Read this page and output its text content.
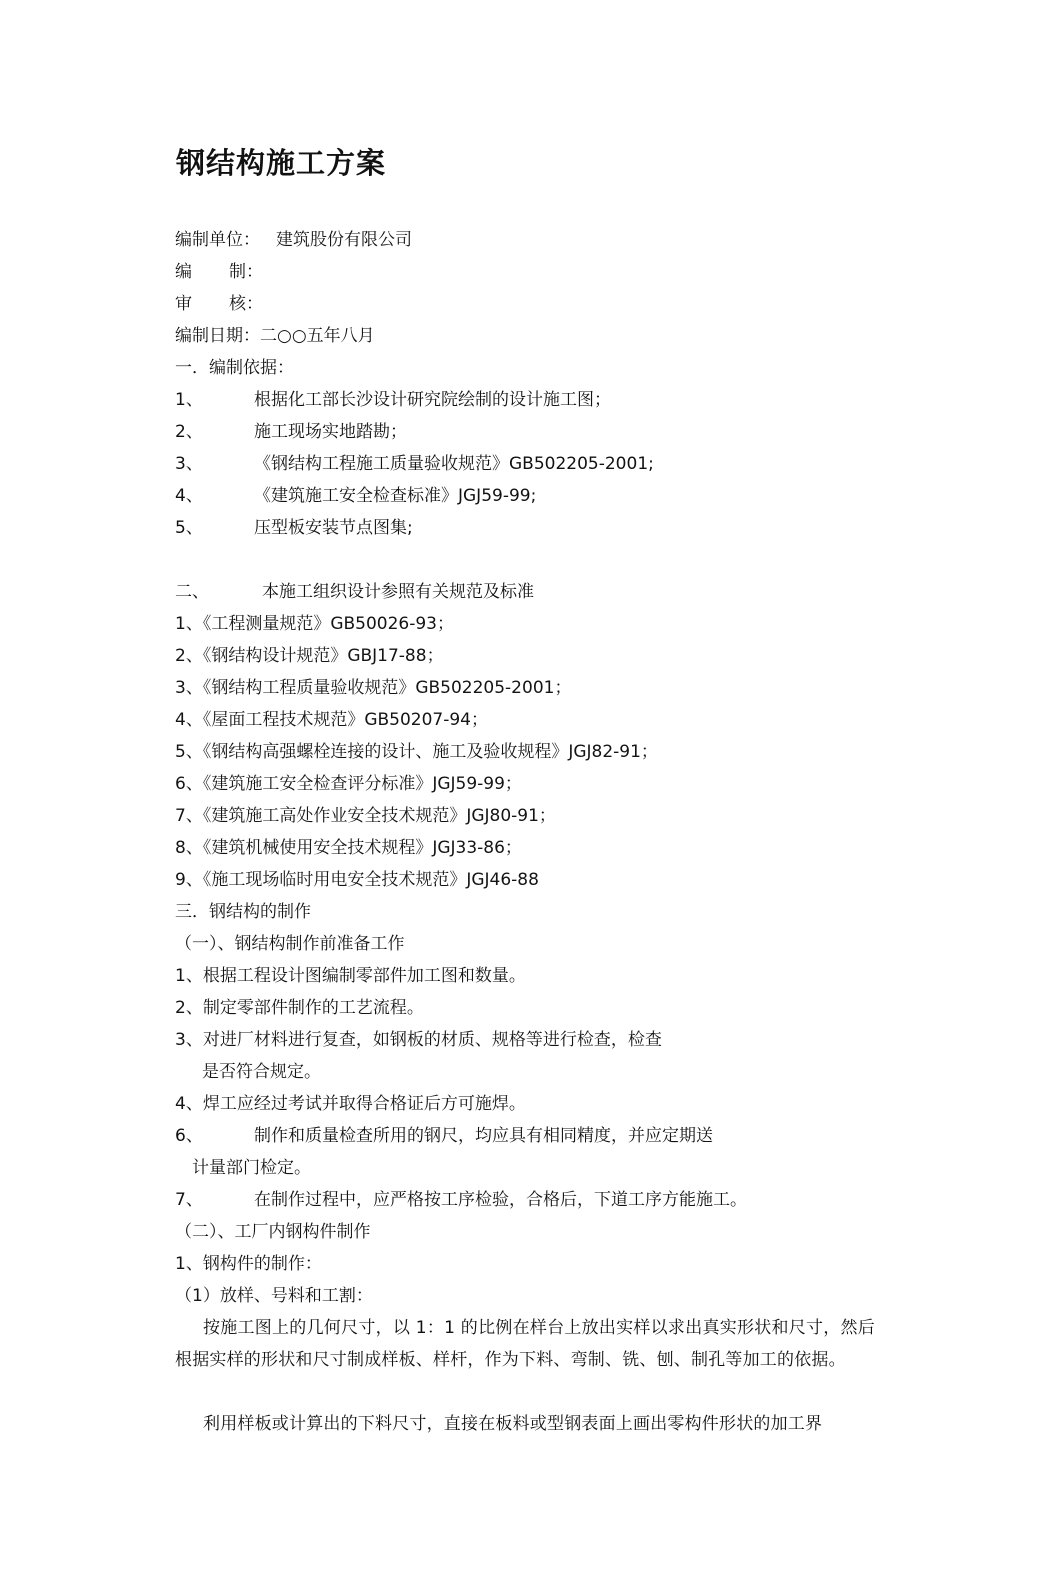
钢结构施工方案
编制单位： 建筑股份有限公司
编 制：
审 核：
编制日期：二○○五年八月
一．编制依据：
1、	根据化工部长沙设计研究院绘制的设计施工图；
2、	施工现场实地踏勘；
3、	《钢结构工程施工质量验收规范》GB502205-2001;
4、	《建筑施工安全检查标准》JGJ59-99;
5、	压型板安装节点图集;
二、	本施工组织设计参照有关规范及标准
1、《工程测量规范》GB50026-93；
2、《钢结构设计规范》GBJ17-88；
3、《钢结构工程质量验收规范》GB502205-2001；
4、《屋面工程技术规范》GB50207-94；
5、《钢结构高强螺栓连接的设计、施工及验收规程》JGJ82-91；
6、《建筑施工安全检查评分标准》JGJ59-99；
7、《建筑施工高处作业安全技术规范》JGJ80-91；
8、《建筑机械使用安全技术规程》JGJ33-86；
9、《施工现场临时用电安全技术规范》JGJ46-88
三．钢结构的制作
（一）、钢结构制作前准备工作
1、根据工程设计图编制零部件加工图和数量。
2、制定零部件制作的工艺流程。
3、对进厂材料进行复查，如钢板的材质、规格等进行检查，检查
是否符合规定。
4、焊工应经过考试并取得合格证后方可施焊。
6、	制作和质量检查所用的钢尺，均应具有相同精度，并应定期送
计量部门检定。
7、	在制作过程中，应严格按工序检验，合格后，下道工序方能施工。
（二）、工厂内钢构件制作
1、钢构件的制作：
（1）放样、号料和工割：
按施工图上的几何尺寸，以 1：1 的比例在样台上放出实样以求出真实形状和尺寸，然后根据实样的形状和尺寸制成样板、样杆，作为下料、弯制、铣、刨、制孔等加工的依据。
利用样板或计算出的下料尺寸，直接在板料或型钢表面上画出零构件形状的加工界
